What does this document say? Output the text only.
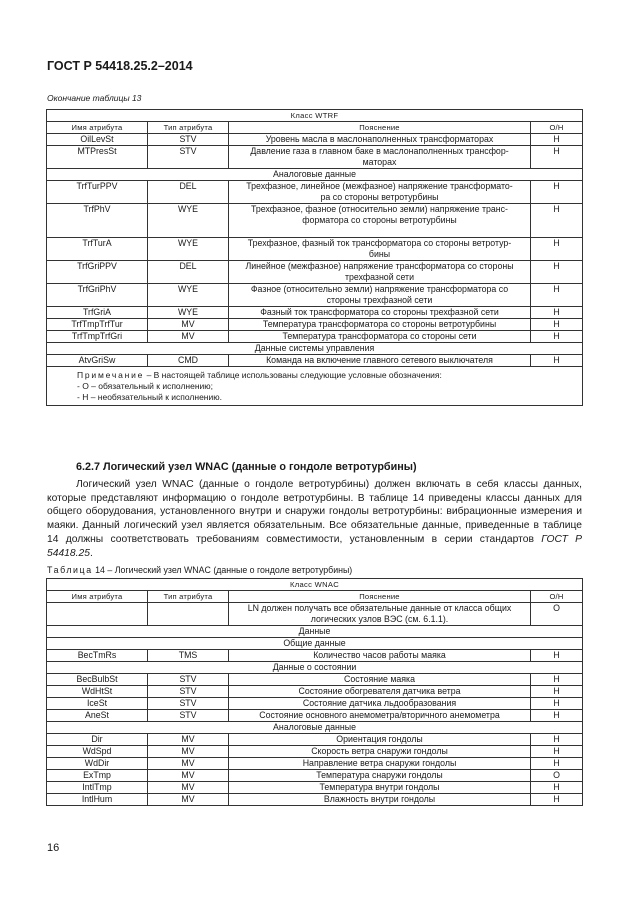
ГОСТ Р 54418.25.2–2014
Окончание таблицы 13
Класс WTRF			
Имя атрибута	Тип атрибута	Пояснение	О/Н
OilLevSt	STV	Уровень масла в маслонаполненных трансформаторах	Н
MTPresSt	STV	Давление газа в главном баке в маслонаполненных трансфор-
маторах	Н
Аналоговые данные			
TrfTurPPV	DEL	Трехфазное, линейное (межфазное) напряжение трансформато-
ра со стороны ветротурбины	Н
TrfPhV	WYE	Трехфазное, фазное (относительно земли) напряжение транс-
форматора со стороны ветротурбины	Н
TrfTurA	WYE	Трехфазное, фазный ток трансформатора со стороны ветротур-
бины	Н
TrfGriPPV	DEL	Линейное (межфазное) напряжение трансформатора со стороны
трехфазной сети	Н
TrfGriPhV	WYE	Фазное (относительно земли) напряжение трансформатора со
стороны трехфазной сети	Н
TrfGriA	WYE	Фазный ток трансформатора со стороны трехфазной сети	Н
TrfTmpTrfTur	MV	Температура трансформатора со стороны ветротурбины	Н
TrfTmpTrfGri	MV	Температура трансформатора со стороны сети	Н
Данные системы управления			
AtvGriSw	CMD	Команда на включение главного сетевого выключателя	Н

Примечание – В настоящей таблице использованы следующие условные обозначения:
- О – обязательный к исполнению;
- Н – необязательный к исполнению.			
6.2.7 Логический узел WNAC (данные о гондоле ветротурбины)

Логический узел WNAC (данные о гондоле ветротурбины) должен включать в себя классы данных, которые представляют информацию о гондоле ветротурбины. В таблице 14 приведены классы данных для общего оборудования, установленного внутри и снаружи гондолы ветротурбины: вибрационные измерения и маяки. Данный логический узел является обязательным. Все обязательные данные, приведенные в таблице 14 должны соответствовать требованиям совместимости, установленным в серии стандартов ГОСТ Р 54418.25.

Таблица 14 – Логический узел WNAC (данные о гондоле ветротурбины)
Класс WNAC			
Имя атрибута	Тип атрибута	Пояснение	О/Н

		LN должен получать все обязательные данные от класса общих
логических узлов ВЭС (см. 6.1.1).	О
Данные			
Общие данные			
BecTmRs	TMS	Количество часов работы маяка	Н
Данные о состоянии			
BecBulbSt	STV	Состояние маяка	Н
WdHtSt	STV	Состояние обогревателя датчика ветра	Н
IceSt	STV	Состояние датчика льдообразования	Н
AneSt	STV	Состояние основного анемометра/вторичного анемометра	Н
Аналоговые данные			
Dir	MV	Ориентация гондолы	Н
WdSpd	MV	Скорость ветра снаружи гондолы	Н
WdDir	MV	Направление ветра снаружи гондолы	Н
ExTmp	MV	Температура снаружи гондолы	О
IntlTmp	MV	Температура внутри гондолы	Н
IntlHum	MV	Влажность внутри гондолы	Н
16
